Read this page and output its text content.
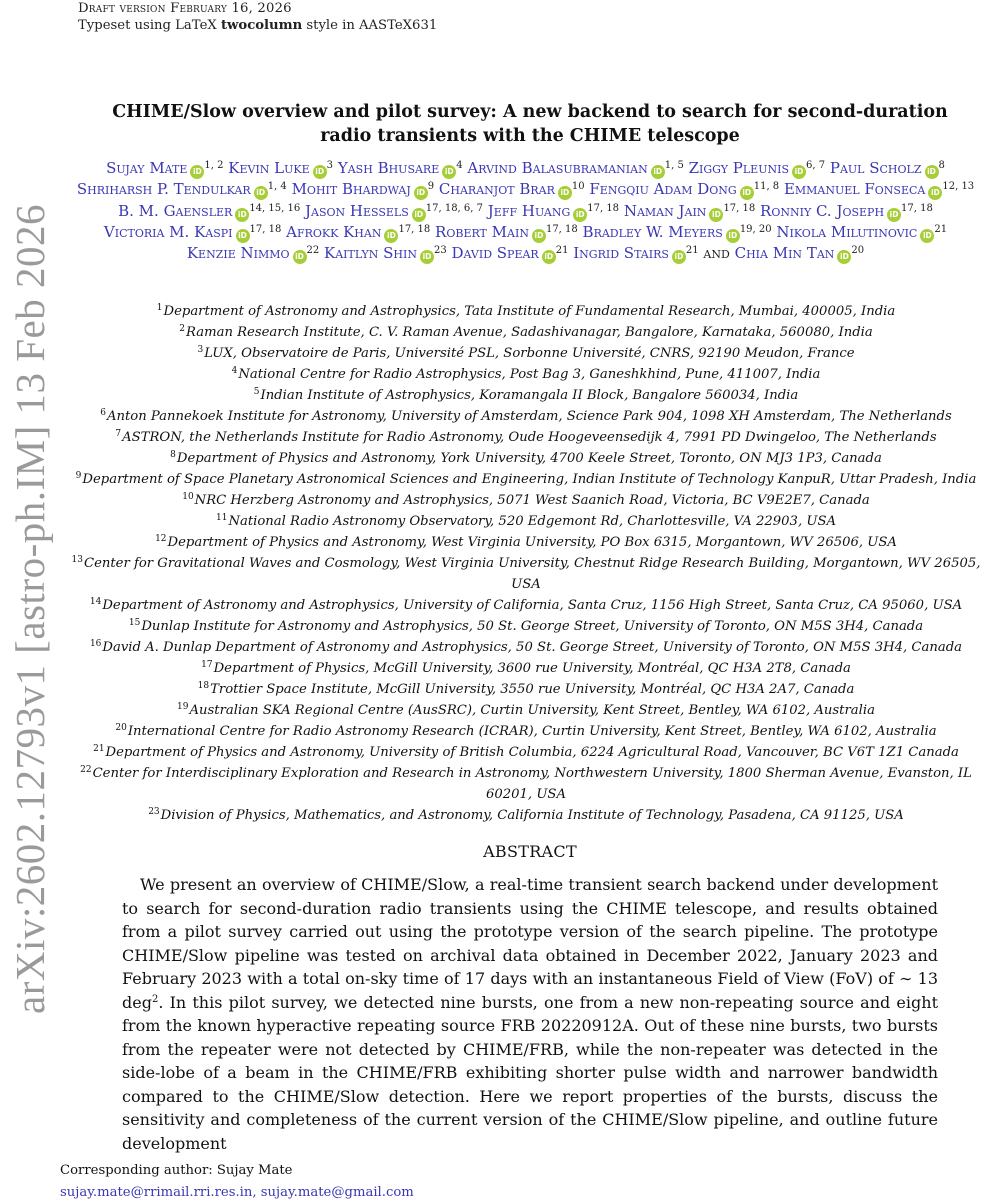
Draft version February 16, 2026
Typeset using LaTeX twocolumn style in AASTeX631
arXiv:2602.12793v1 [astro-ph.IM] 13 Feb 2026
CHIME/Slow overview and pilot survey: A new backend to search for second-duration radio transients with the CHIME telescope
Sujay Mate iD$^{1, 2}$ Kevin Luke $iD^3$ Yash Bhusare $iD^4$ Arvind Balasubramanian iD$^{1, 5}$ Ziggy Pleunis iD$^{6, 7}$ Paul Scholz $iD^8$ Shriharsh P. Tendulkar iD$^{1, 4}$ Mohit Bhardwaj $iD^9$ Charanjot Brar $iD^{10}$ Fengqiu Adam Dong iD$^{11, 8}$ Emmanuel Fonseca iD$^{12, 13}$ B. M. Gaensler iD$^{14, 15, 16}$ Jason Hessels iD$^{17, 18, 6, 7}$ Jeff Huang iD$^{17, 18}$ Naman Jain iD$^{17, 18}$ Ronniy C. Joseph iD$^{17, 18}$ Victoria M. Kaspi iD$^{17, 18}$ Afrokk Khan iD$^{17, 18}$ Robert Main iD$^{17, 18}$ Bradley W. Meyers iD$^{19, 20}$ Nikola Milutinovic $iD^{21}$ Kenzie Nimmo $iD^{22}$ Kaitlyn Shin $iD^{23}$ David Spear $iD^{21}$ Ingrid Stairs $iD^{21}$ and Chia Min Tan $iD^{20}$
$^1$Department of Astronomy and Astrophysics, Tata Institute of Fundamental Research, Mumbai, 400005, India
$^2$Raman Research Institute, C. V. Raman Avenue, Sadashivanagar, Bangalore, Karnataka, 560080, India
$^3$LUX, Observatoire de Paris, Université PSL, Sorbonne Université, CNRS, 92190 Meudon, France
$^4$National Centre for Radio Astrophysics, Post Bag 3, Ganeshkhind, Pune, 411007, India
$^5$Indian Institute of Astrophysics, Koramangala II Block, Bangalore 560034, India
$^6$Anton Pannekoek Institute for Astronomy, University of Amsterdam, Science Park 904, 1098 XH Amsterdam, The Netherlands
$^7$ASTRON, the Netherlands Institute for Radio Astronomy, Oude Hoogeveensedijk 4, 7991 PD Dwingeloo, The Netherlands
$^8$Department of Physics and Astronomy, York University, 4700 Keele Street, Toronto, ON MJ3 1P3, Canada
$^9$Department of Space Planetary Astronomical Sciences and Engineering, Indian Institute of Technology KanpuR, Uttar Pradesh, India
$^{10}$NRC Herzberg Astronomy and Astrophysics, 5071 West Saanich Road, Victoria, BC V9E2E7, Canada
$^{11}$National Radio Astronomy Observatory, 520 Edgemont Rd, Charlottesville, VA 22903, USA
$^{12}$Department of Physics and Astronomy, West Virginia University, PO Box 6315, Morgantown, WV 26506, USA
$^{13}$Center for Gravitational Waves and Cosmology, West Virginia University, Chestnut Ridge Research Building, Morgantown, WV 26505, USA
$^{14}$Department of Astronomy and Astrophysics, University of California, Santa Cruz, 1156 High Street, Santa Cruz, CA 95060, USA
$^{15}$Dunlap Institute for Astronomy and Astrophysics, 50 St. George Street, University of Toronto, ON M5S 3H4, Canada
$^{16}$David A. Dunlap Department of Astronomy and Astrophysics, 50 St. George Street, University of Toronto, ON M5S 3H4, Canada
$^{17}$Department of Physics, McGill University, 3600 rue University, Montréal, QC H3A 2T8, Canada
$^{18}$Trottier Space Institute, McGill University, 3550 rue University, Montréal, QC H3A 2A7, Canada
$^{19}$Australian SKA Regional Centre (AusSRC), Curtin University, Kent Street, Bentley, WA 6102, Australia
$^{20}$International Centre for Radio Astronomy Research (ICRAR), Curtin University, Kent Street, Bentley, WA 6102, Australia
$^{21}$Department of Physics and Astronomy, University of British Columbia, 6224 Agricultural Road, Vancouver, BC V6T 1Z1 Canada
$^{22}$Center for Interdisciplinary Exploration and Research in Astronomy, Northwestern University, 1800 Sherman Avenue, Evanston, IL 60201, USA
$^{23}$Division of Physics, Mathematics, and Astronomy, California Institute of Technology, Pasadena, CA 91125, USA
ABSTRACT
We present an overview of CHIME/Slow, a real-time transient search backend under development to search for second-duration radio transients using the CHIME telescope, and results obtained from a pilot survey carried out using the prototype version of the search pipeline. The prototype CHIME/Slow pipeline was tested on archival data obtained in December 2022, January 2023 and February 2023 with a total on-sky time of 17 days with an instantaneous Field of View (FoV) of ∼ 13 deg$^2$. In this pilot survey, we detected nine bursts, one from a new non-repeating source and eight from the known hyperactive repeating source FRB 20220912A. Out of these nine bursts, two bursts from the repeater were not detected by CHIME/FRB, while the non-repeater was detected in the side-lobe of a beam in the CHIME/FRB exhibiting shorter pulse width and narrower bandwidth compared to the CHIME/Slow detection. Here we report properties of the bursts, discuss the sensitivity and completeness of the current version of the CHIME/Slow pipeline, and outline future development
Corresponding author: Sujay Mate
sujay.mate@rrimail.rri.res.in, sujay.mate@gmail.com
